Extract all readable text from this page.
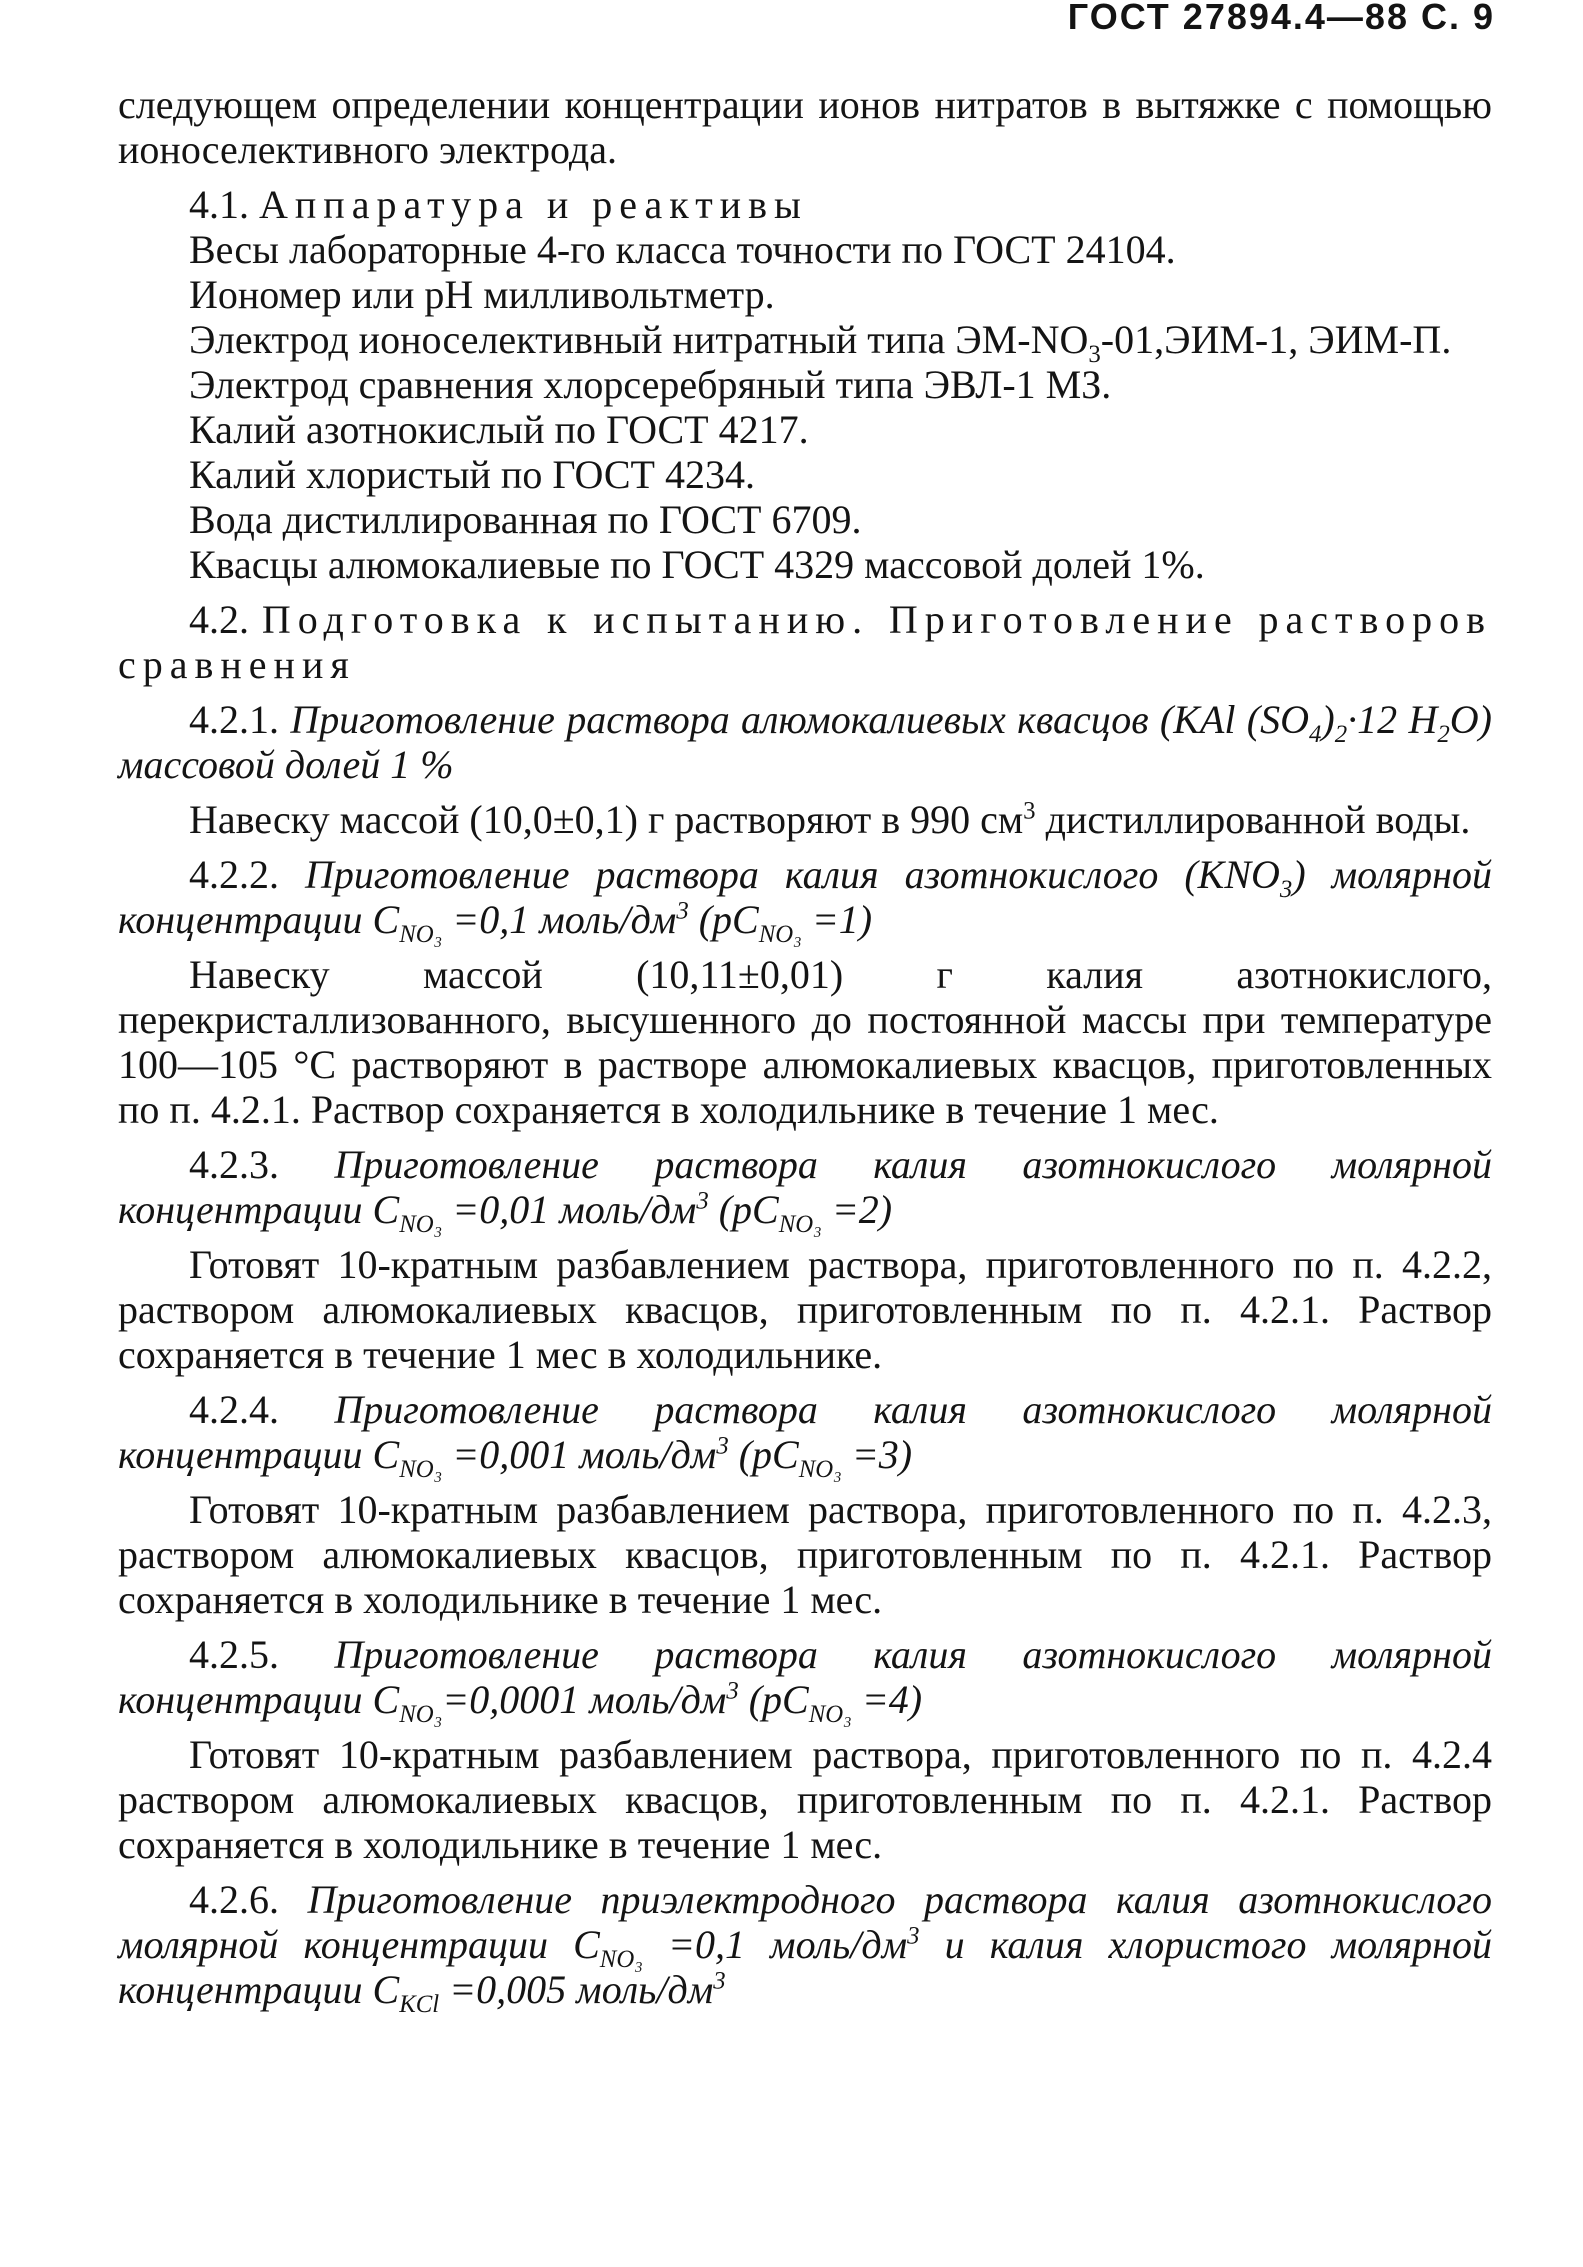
ГОСТ 27894.4—88 С. 9

следующем определении концентрации ионов нитратов в вытяжке с помощью ионоселективного электрода.

4.1. Аппаратура и реактивы

Весы лабораторные 4-го класса точности по ГОСТ 24104.

Иономер или pH милливольтметр.

Электрод ионоселективный нитратный типа $ЭМ-NO_3-01,ЭИМ-1$, ЭИМ-П.

Электрод сравнения хлорсеребряный типа ЭВЛ-1 МЗ.

Калий азотнокислый по ГОСТ 4217.

Калий хлористый по ГОСТ 4234.

Вода дистиллированная по ГОСТ 6709.

Квасцы алюмокалиевые по ГОСТ 4329 массовой долей 1%.

4.2. Подготовка к испытанию. Приготовление растворов сравнения

4.2.1. Приготовление раствора алюмокалиевых квасцов (KAl $(SO_4)_2\cdot 12$ $H_2O$) массовой долей 1 %

Навеску массой (10,0±0,1) г растворяют в 990 $см^3$ дистиллированной воды.

4.2.2. Приготовление раствора калия азотнокислого $(KNO_3)$ молярной концентрации $C_{NO_3} =0,1$ моль/$дм^3$ $(pC_{NO_3} =1)$

Навеску массой (10,11±0,01) г калия азотнокислого, перекристаллизованного, высушенного до постоянной массы при температуре 100—105 °С растворяют в растворе алюмокалиевых квасцов, приготовленных по п. 4.2.1. Раствор сохраняется в холодильнике в течение 1 мес.

4.2.3. Приготовление раствора калия азотнокислого молярной концентрации $C_{NO_3} =0,01$ моль/$дм^3$ $(pC_{NO_3} =2)$

Готовят 10-кратным разбавлением раствора, приготовленного по п. 4.2.2, раствором алюмокалиевых квасцов, приготовленным по п. 4.2.1. Раствор сохраняется в течение 1 мес в холодильнике.

4.2.4. Приготовление раствора калия азотнокислого молярной концентрации $C_{NO_3} =0,001$ моль/$дм^3$ $(pC_{NO_3} =3)$

Готовят 10-кратным разбавлением раствора, приготовленного по п. 4.2.3, раствором алюмокалиевых квасцов, приготовленным по п. 4.2.1. Раствор сохраняется в холодильнике в течение 1 мес.

4.2.5. Приготовление раствора калия азотнокислого молярной концентрации $C_{NO_3}=0,0001$ моль/$дм^3$ $(pC_{NO_3} =4)$

Готовят 10-кратным разбавлением раствора, приготовленного по п. 4.2.4 раствором алюмокалиевых квасцов, приготовленным по п. 4.2.1. Раствор сохраняется в холодильнике в течение 1 мес.

4.2.6. Приготовление приэлектродного раствора калия азотнокислого молярной концентрации $C_{NO_3} =0,1$ моль/$дм^3$ и калия хлористого молярной концентрации $C_{KCl} =0,005$ моль/$дм^3$
